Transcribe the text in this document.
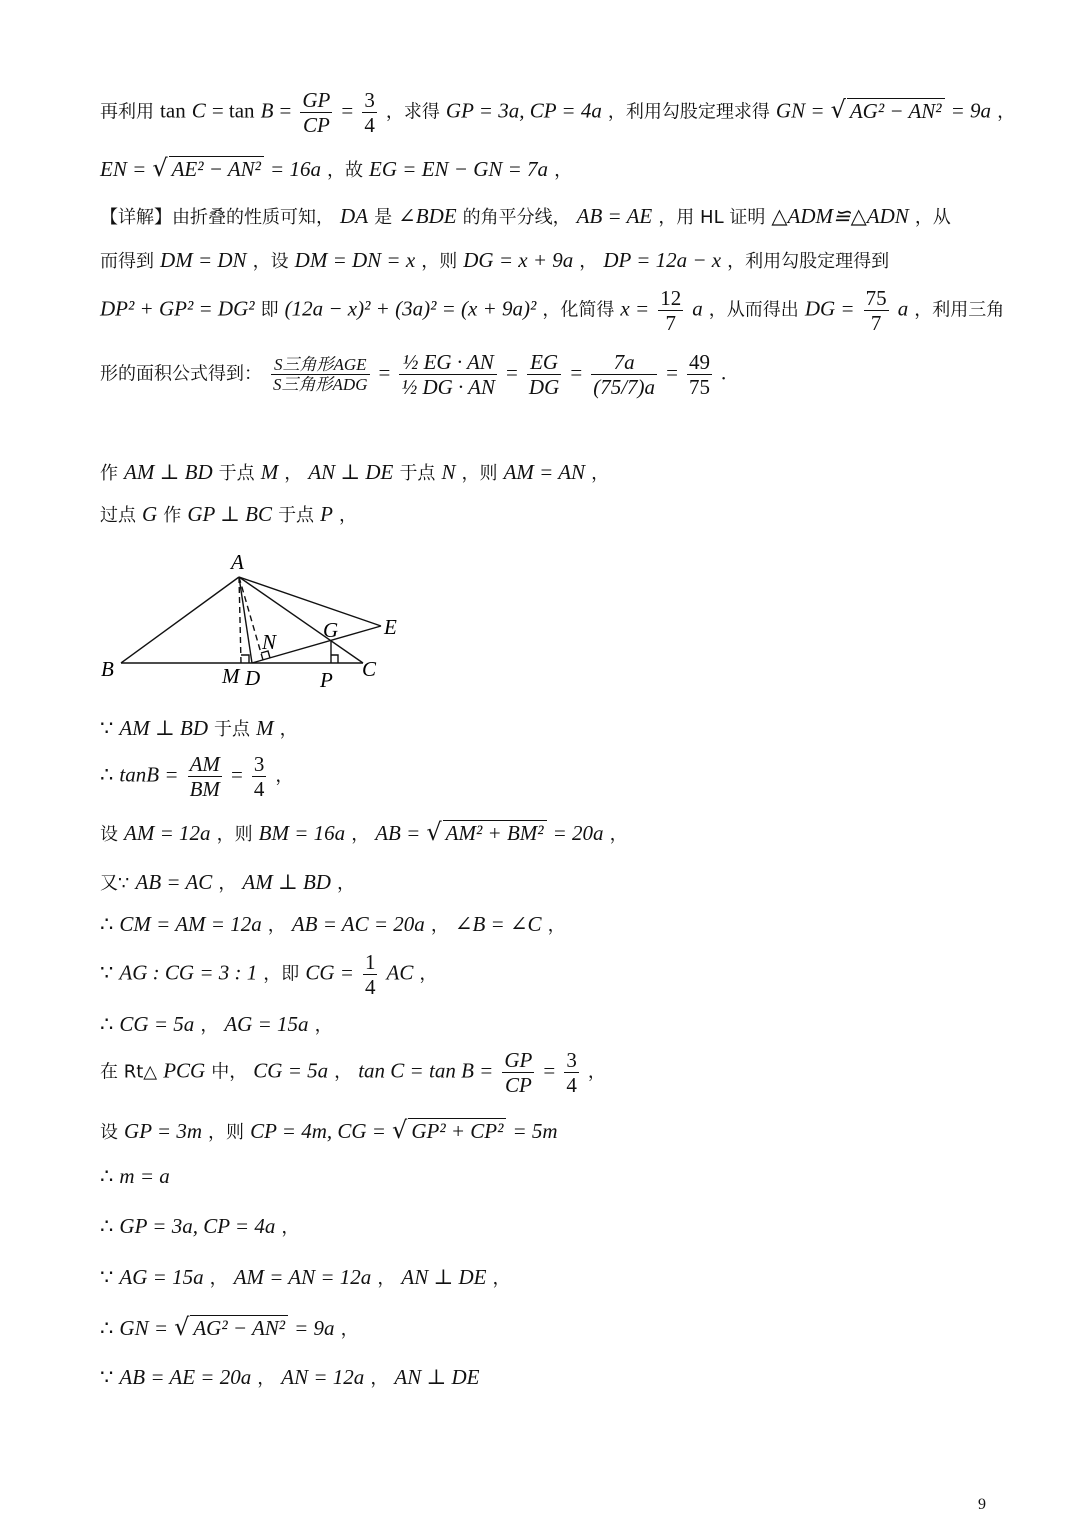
再利用 $\tan C = \tan B = \frac{GP}{CP} = \frac{3}{4}$ ，求得 GP = 3a, CP = 4a ，利用勾股定理求得 GN = √ AG² − AN² = 9a ，
EN = √ AE² − AN² = 16a ，故 EG = EN − GN = 7a ，
【详解】由折叠的性质可知， DA 是 ∠BDE 的角平分线， AB = AE ，用 HL 证明 △ADM≌△ADN ，从
而得到 DM = DN ，设 DM = DN = x ，则 DG = x + 9a ， DP = 12a − x ，利用勾股定理得到
DP² + GP² = DG² 即 (12a − x)² + (3a)² = (x + 9a)² ，化简得 $x = \frac{12}{7}$ a ，从而得出 DG = $\frac{75}{7}$ a ，利用三角
形的面积公式得到： $\frac{\text{S三角形AGE}}{\text{S三角形ADG}} = \frac{\text{½ EG · AN}}{\text{½ DG · AN}} = \frac{EG}{DG} = \frac{7a}{(75/7)a} = \frac{49}{75}$ .
作 AM ⊥ BD 于点 M ， AN ⊥ DE 于点 N ，则 AM = AN ，
过点 G 作 GP ⊥ BC 于点 P ，
A
B	C
D
E
G
M
N
P
∵ AM ⊥ BD 于点 M ，
∴ $\tan B = \frac{AM}{BM} = \frac{3}{4}$ ，
设 AM = 12a ，则 BM = 16a ， AB = √ AM² + BM² = 20a ，
又∵ AB = AC ， AM ⊥ BD ，
∴ CM = AM = 12a ， AB = AC = 20a ， ∠B = ∠C ，
∵ AG : CG = 3 : 1 ，即 CG = $\frac{1}{4}$ AC ，
∴ CG = 5a ， AG = 15a ，
在 Rt△ PCG 中， CG = 5a ， $\tan C = \tan B = \frac{GP}{CP} = \frac{3}{4}$ ，
设 GP = 3m ，则 CP = 4m, CG = √ GP² + CP² = 5m
∴ m = a
∴ GP = 3a, CP = 4a ，
∵ AG = 15a ， AM = AN = 12a ， AN ⊥ DE ，
∴ GN = √ AG² − AN² = 9a ，
∵ AB = AE = 20a ， AN = 12a ， AN ⊥ DE
9
